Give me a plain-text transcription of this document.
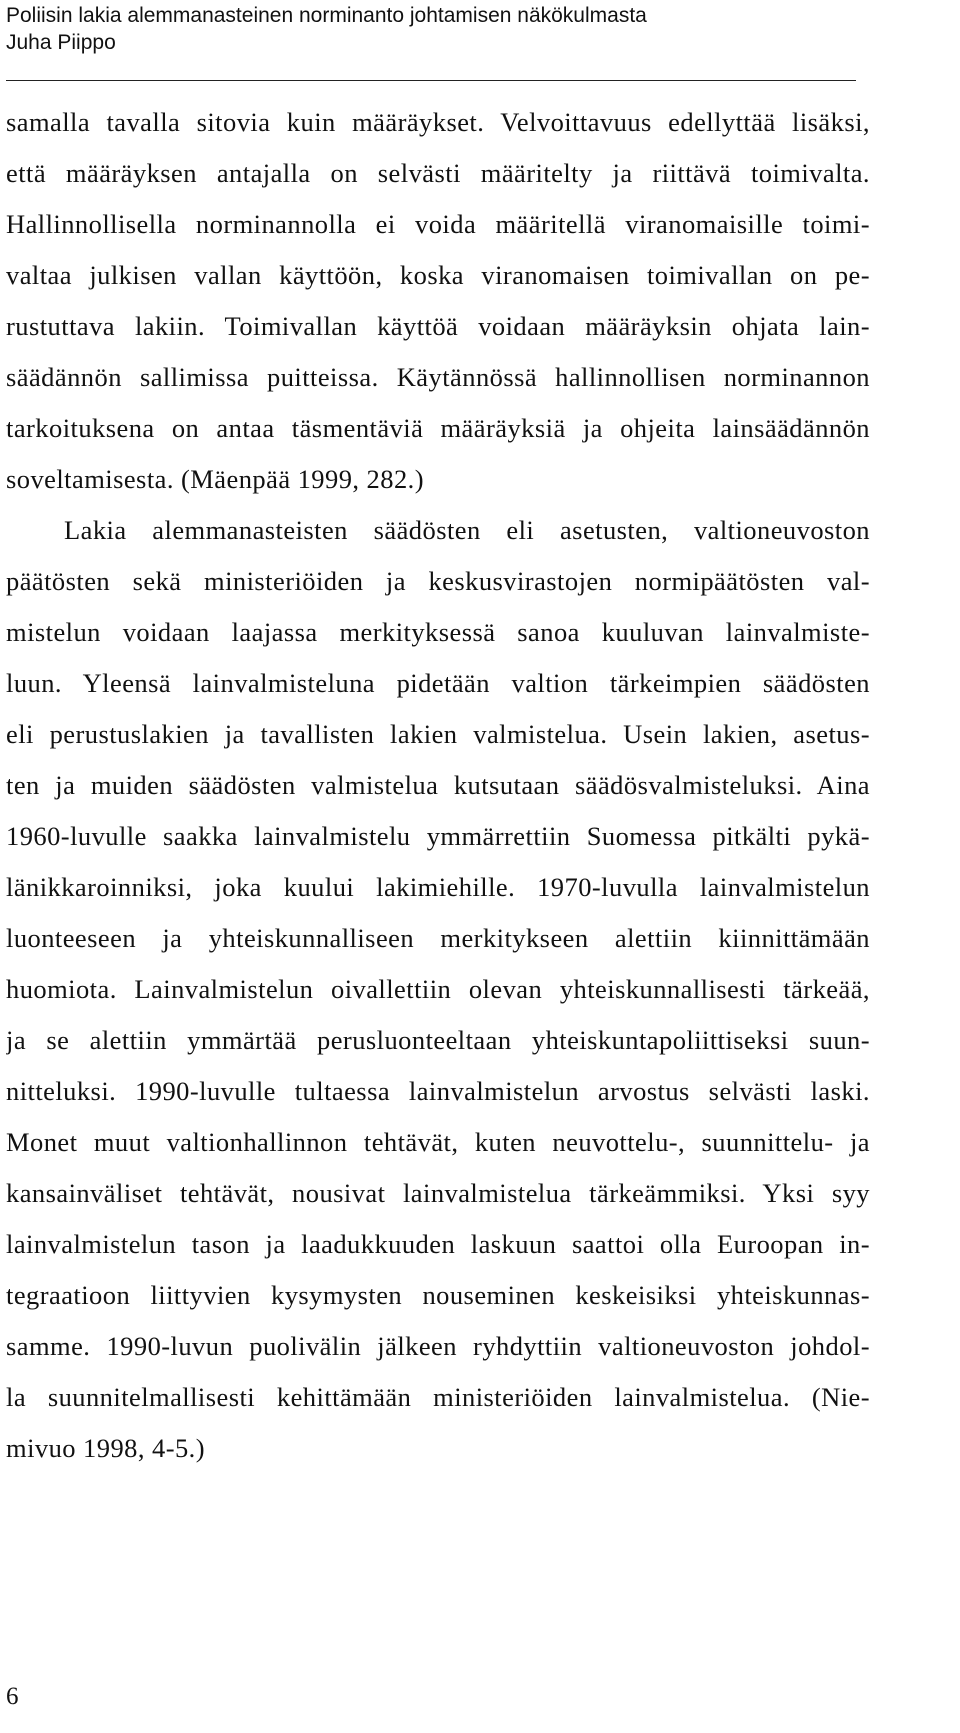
Poliisin lakia alemmanasteinen norminanto johtamisen näkökulmasta
Juha Piippo
samalla tavalla sitovia kuin määräykset. Velvoittavuus edellyttää lisäksi,
että määräyksen antajalla on selvästi määritelty ja riittävä toimivalta.
Hallinnollisella norminannolla ei voida määritellä viranomaisille toimi-
valtaa julkisen vallan käyttöön, koska viranomaisen toimivallan on pe-
rustuttava lakiin. Toimivallan käyttöä voidaan määräyksin ohjata lain-
säädännön sallimissa puitteissa. Käytännössä hallinnollisen norminannon
tarkoituksena on antaa täsmentäviä määräyksiä ja ohjeita lainsäädännön
soveltamisesta. (Mäenpää 1999, 282.)
Lakia alemmanasteisten säädösten eli asetusten, valtioneuvoston
päätösten sekä ministeriöiden ja keskusvirastojen normipäätösten val-
mistelun voidaan laajassa merkityksessä sanoa kuuluvan lainvalmiste-
luun. Yleensä lainvalmisteluna pidetään valtion tärkeimpien säädösten
eli perustuslakien ja tavallisten lakien valmistelua. Usein lakien, asetus-
ten ja muiden säädösten valmistelua kutsutaan säädösvalmisteluksi. Aina
1960-luvulle saakka lainvalmistelu ymmärrettiin Suomessa pitkälti pykä-
länikkaroinniksi, joka kuului lakimiehille. 1970-luvulla lainvalmistelun
luonteeseen ja yhteiskunnalliseen merkitykseen alettiin kiinnittämään
huomiota. Lainvalmistelun oivallettiin olevan yhteiskunnallisesti tärkeää,
ja se alettiin ymmärtää perusluonteeltaan yhteiskuntapoliittiseksi suun-
nitteluksi. 1990-luvulle tultaessa lainvalmistelun arvostus selvästi laski.
Monet muut valtionhallinnon tehtävät, kuten neuvottelu-, suunnittelu- ja
kansainväliset tehtävät, nousivat lainvalmistelua tärkeämmiksi. Yksi syy
lainvalmistelun tason ja laadukkuuden laskuun saattoi olla Euroopan in-
tegraatioon liittyvien kysymysten nouseminen keskeisiksi yhteiskunnas-
samme. 1990-luvun puolivälin jälkeen ryhdyttiin valtioneuvoston johdol-
la suunnitelmallisesti kehittämään ministeriöiden lainvalmistelua. (Nie-
mivuo 1998, 4-5.)
6
